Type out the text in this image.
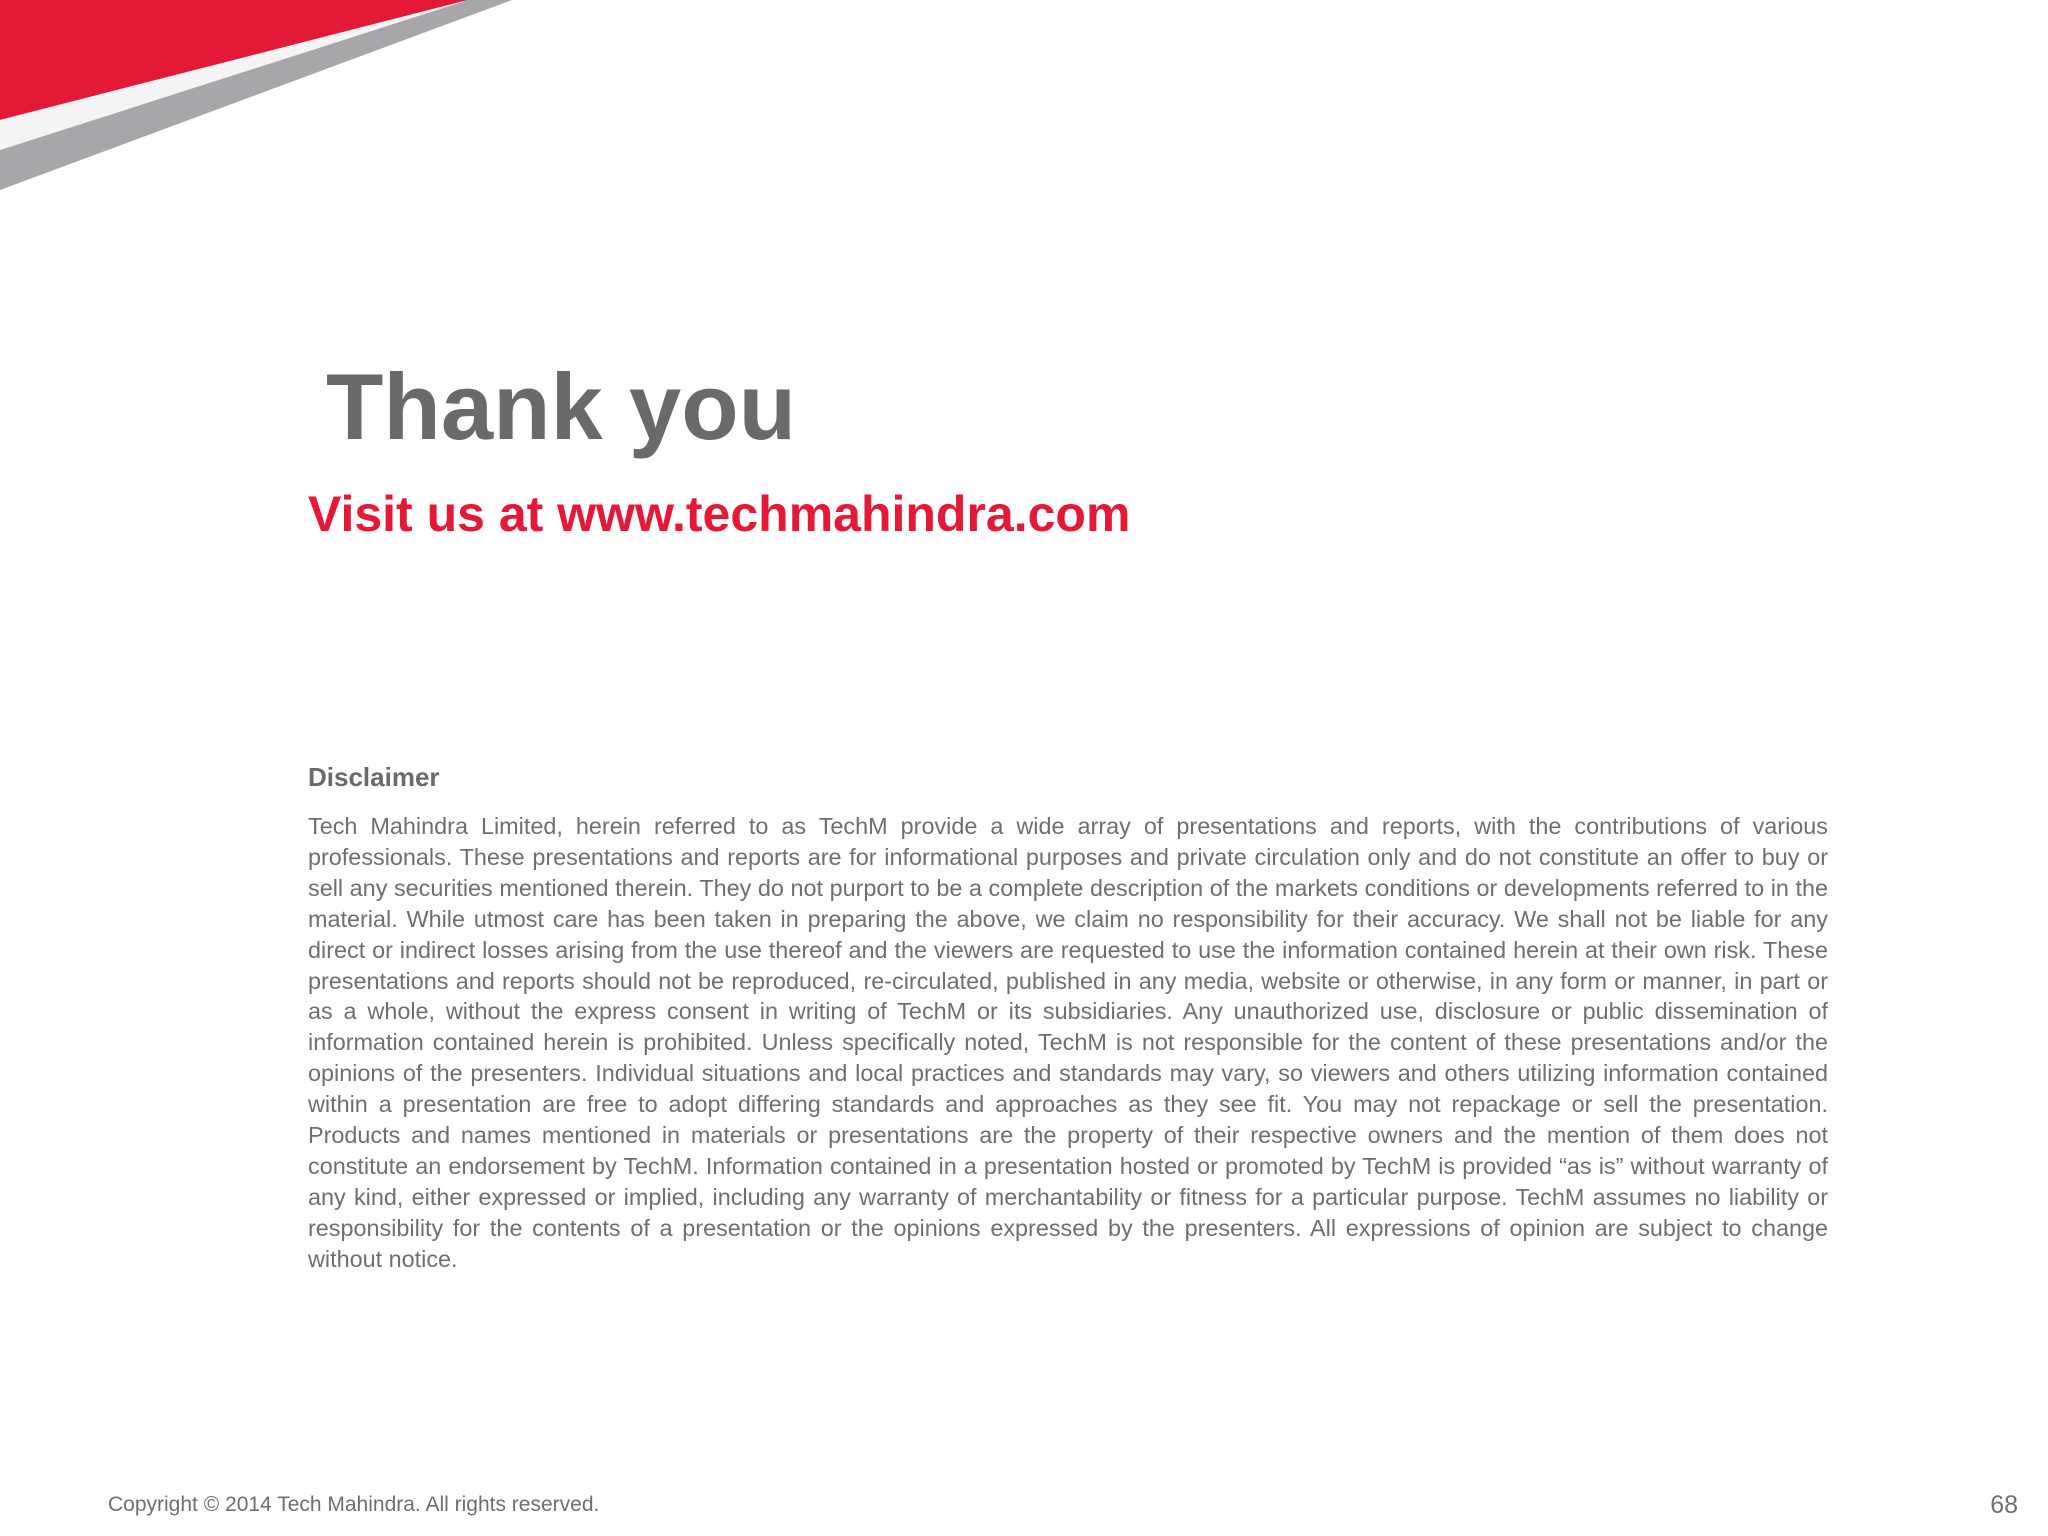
Thank you
Visit us at www.techmahindra.com
Disclaimer

Tech Mahindra Limited, herein referred to as TechM provide a wide array of presentations and reports, with the contributions of various professionals. These presentations and reports are for informational purposes and private circulation only and do not constitute an offer to buy or sell any securities mentioned therein. They do not purport to be a complete description of the markets conditions or developments referred to in the material. While utmost care has been taken in preparing the above, we claim no responsibility for their accuracy. We shall not be liable for any direct or indirect losses arising from the use thereof and the viewers are requested to use the information contained herein at their own risk. These presentations and reports should not be reproduced, re-circulated, published in any media, website or otherwise, in any form or manner, in part or as a whole, without the express consent in writing of TechM or its subsidiaries. Any unauthorized use, disclosure or public dissemination of information contained herein is prohibited. Unless specifically noted, TechM is not responsible for the content of these presentations and/or the opinions of the presenters. Individual situations and local practices and standards may vary, so viewers and others utilizing information contained within a presentation are free to adopt differing standards and approaches as they see fit. You may not repackage or sell the presentation. Products and names mentioned in materials or presentations are the property of their respective owners and the mention of them does not constitute an endorsement by TechM. Information contained in a presentation hosted or promoted by TechM is provided “as is” without warranty of any kind, either expressed or implied, including any warranty of merchantability or fitness for a particular purpose. TechM assumes no liability or responsibility for the contents of a presentation or the opinions expressed by the presenters. All expressions of opinion are subject to change without notice.

Copyright © 2014 Tech Mahindra. All rights reserved.	68
